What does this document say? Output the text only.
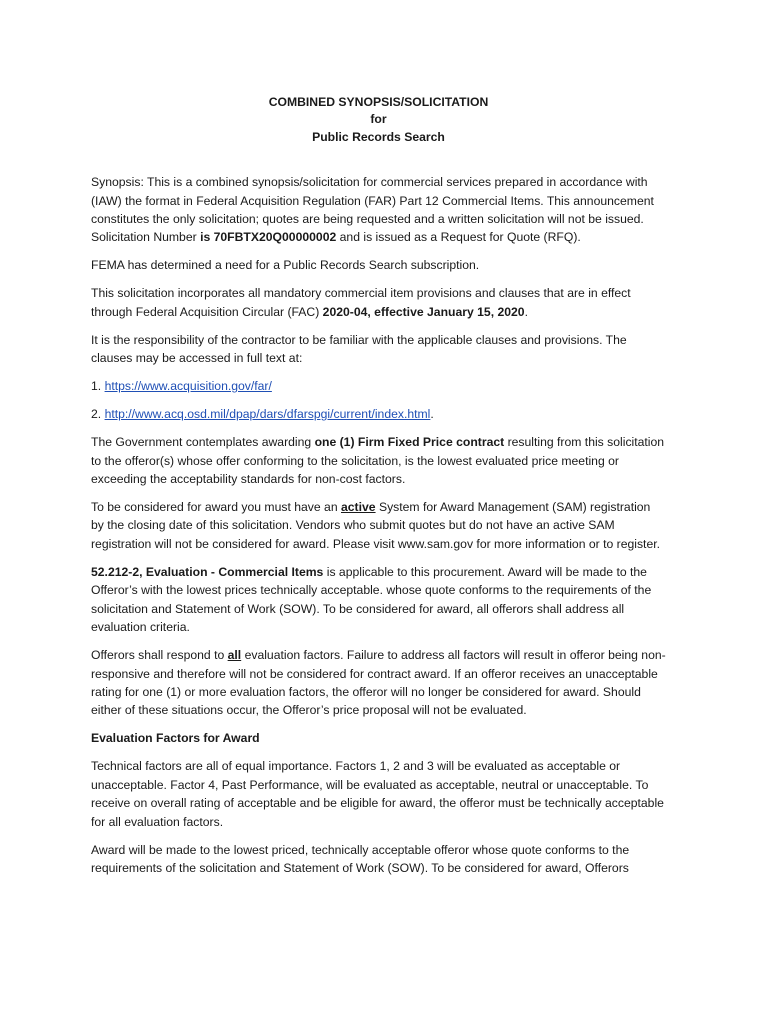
COMBINED SYNOPSIS/SOLICITATION
for
Public Records Search

Synopsis: This is a combined synopsis/solicitation for commercial services prepared in accordance with (IAW) the format in Federal Acquisition Regulation (FAR) Part 12 Commercial Items. This announcement constitutes the only solicitation; quotes are being requested and a written solicitation will not be issued. Solicitation Number is 70FBTX20Q00000002 and is issued as a Request for Quote (RFQ).

FEMA has determined a need for a Public Records Search subscription.

This solicitation incorporates all mandatory commercial item provisions and clauses that are in effect through Federal Acquisition Circular (FAC) 2020-04, effective January 15, 2020.

It is the responsibility of the contractor to be familiar with the applicable clauses and provisions. The clauses may be accessed in full text at:

1. https://www.acquisition.gov/far/

2. http://www.acq.osd.mil/dpap/dars/dfarspgi/current/index.html.

The Government contemplates awarding one (1) Firm Fixed Price contract resulting from this solicitation to the offeror(s) whose offer conforming to the solicitation, is the lowest evaluated price meeting or exceeding the acceptability standards for non-cost factors.

To be considered for award you must have an active System for Award Management (SAM) registration by the closing date of this solicitation. Vendors who submit quotes but do not have an active SAM registration will not be considered for award. Please visit www.sam.gov for more information or to register.

52.212-2, Evaluation - Commercial Items is applicable to this procurement. Award will be made to the Offeror’s with the lowest prices technically acceptable. whose quote conforms to the requirements of the solicitation and Statement of Work (SOW). To be considered for award, all offerors shall address all evaluation criteria.

Offerors shall respond to all evaluation factors. Failure to address all factors will result in offeror being non-responsive and therefore will not be considered for contract award. If an offeror receives an unacceptable rating for one (1) or more evaluation factors, the offeror will no longer be considered for award. Should either of these situations occur, the Offeror’s price proposal will not be evaluated.

Evaluation Factors for Award

Technical factors are all of equal importance. Factors 1, 2 and 3 will be evaluated as acceptable or unacceptable. Factor 4, Past Performance, will be evaluated as acceptable, neutral or unacceptable. To receive on overall rating of acceptable and be eligible for award, the offeror must be technically acceptable for all evaluation factors.

Award will be made to the lowest priced, technically acceptable offeror whose quote conforms to the requirements of the solicitation and Statement of Work (SOW). To be considered for award, Offerors
